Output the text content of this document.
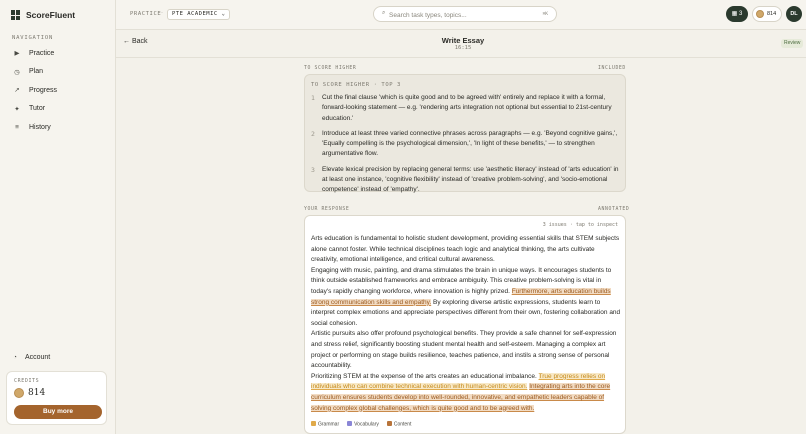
ScoreFluent
NAVIGATION
▶ Practice
◷ Plan
↗ Progress
✦ Tutor
≡	History
◔ Account
CREDITS
814
Buy more
PRACTICE ·	PTE ACADEMIC ⌄	⌕ Search task types, topics...	⌘K	▦ 3	814	DL
← Back	Write Essay
16:15
Review
TO SCORE HIGHER	INCLUDED
TO SCORE HIGHER · TOP 3
1	Cut the final clause 'which is quite good and to be agreed with' entirely and replace it with a formal, forward-looking statement — e.g. 'rendering arts integration not optional but essential to 21st-century education.'
2	Introduce at least three varied connective phrases across paragraphs — e.g. 'Beyond cognitive gains,', 'Equally compelling is the psychological dimension,', 'In light of these benefits,' — to strengthen argumentative flow.
3	Elevate lexical precision by replacing general terms: use 'aesthetic literacy' instead of 'arts education' in at least one instance, 'cognitive flexibility' instead of 'creative problem-solving', and 'socio-emotional competence' instead of 'empathy'.
YOUR RESPONSE	ANNOTATED
3 issues · tap to inspect

Arts education is fundamental to holistic student development, providing essential skills that STEM subjects alone cannot foster. While technical disciplines teach logic and analytical thinking, the arts cultivate creativity, emotional intelligence, and critical cultural awareness.

Engaging with music, painting, and drama stimulates the brain in unique ways. It encourages students to think outside established frameworks and embrace ambiguity. This creative problem-solving is vital in today's rapidly changing workforce, where innovation is highly prized. Furthermore, arts education builds strong communication skills and empathy. By exploring diverse artistic expressions, students learn to interpret complex emotions and appreciate perspectives different from their own, fostering collaboration and social cohesion.

Artistic pursuits also offer profound psychological benefits. They provide a safe channel for self-expression and stress relief, significantly boosting student mental health and self-esteem. Managing a complex art project or performing on stage builds resilience, teaches patience, and instils a strong sense of personal accountability.

Prioritizing STEM at the expense of the arts creates an educational imbalance. True progress relies on individuals who can combine technical execution with human-centric vision. Integrating arts into the core curriculum ensures students develop into well-rounded, innovative, and empathetic leaders capable of solving complex global challenges, which is quite good and to be agreed with.

Grammar	Vocabulary	Content
